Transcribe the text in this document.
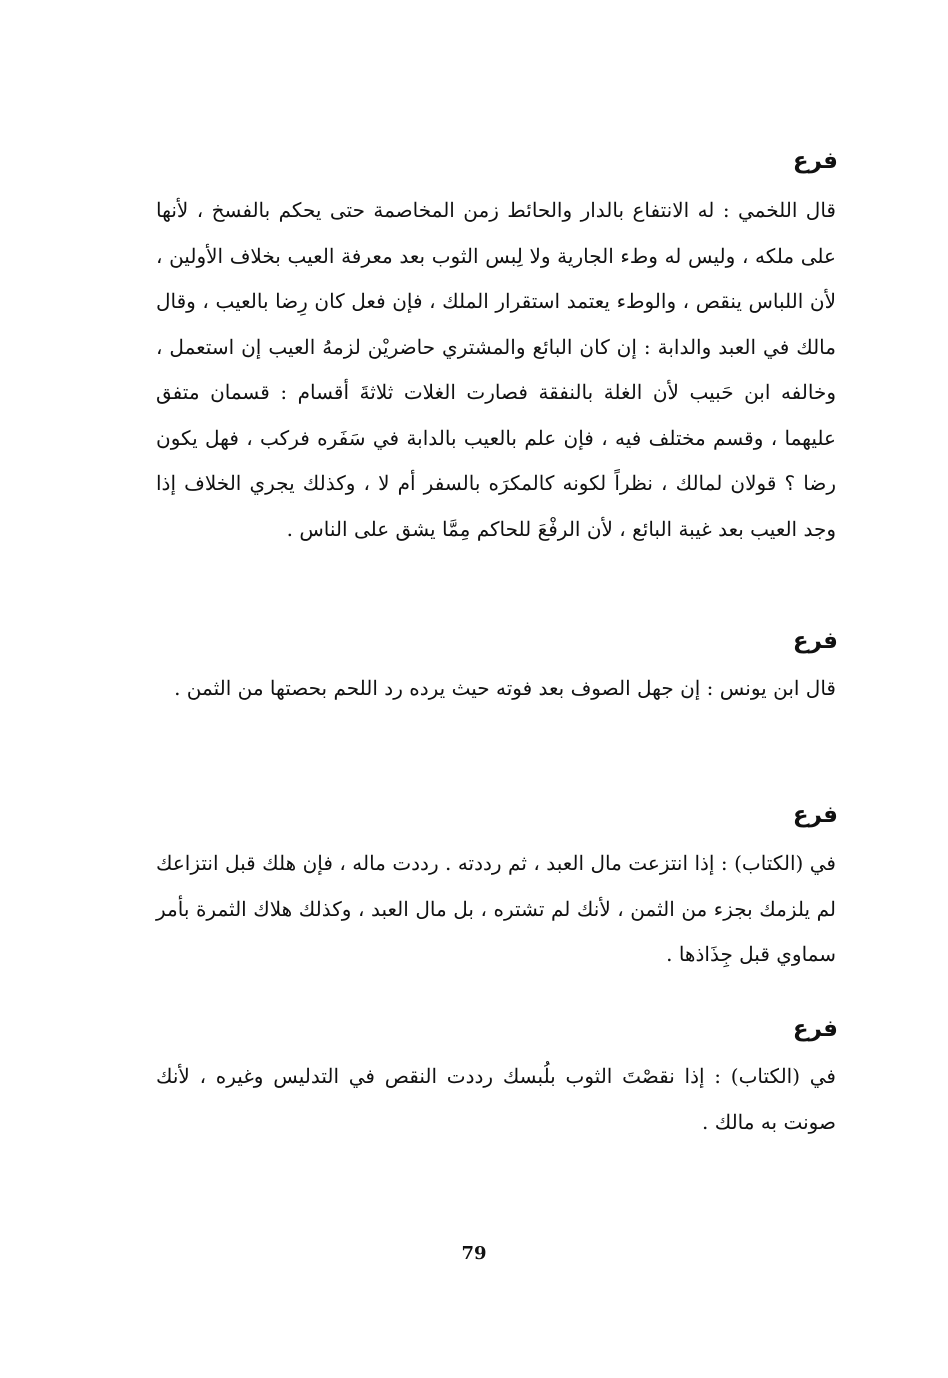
فرع

قال اللخمي : له الانتفاع بالدار والحائط زمن المخاصمة حتى يحكم بالفسخ ، لأنها على ملكه ، وليس له وطء الجارية ولا لِبس الثوب بعد معرفة العيب بخلاف الأولين ، لأن اللباس ينقص ، والوطء يعتمد استقرار الملك ، فإن فعل كان رِضا بالعيب ، وقال مالك في العبد والدابة : إن كان البائع والمشتري حاضريْن لزمهُ العيب إن استعمل ، وخالفه ابن حَبيب لأن الغلة بالنفقة فصارت الغلات ثلاثةَ أقسام : قسمان متفق عليهما ، وقسم مختلف فيه ، فإن علم بالعيب بالدابة في سَفَره فركب ، فهل يكون رضا ؟ قولان لمالك ، نظراً لكونه كالمكرَه بالسفر أم لا ، وكذلك يجري الخلاف إذا وجد العيب بعد غيبة البائع ، لأن الرفْعَ للحاكم مِمَّا يشق على الناس .

فرع

قال ابن يونس : إن جهل الصوف بعد فوته حيث يرده رد اللحم بحصتها من الثمن .

فرع

في (الكتاب) : إذا انتزعت مال العبد ، ثم رددته . رددت ماله ، فإن هلك قبل انتزاعك لم يلزمك بجزء من الثمن ، لأنك لم تشتره ، بل مال العبد ، وكذلك هلاك الثمرة بأمر سماوي قبل جِذَاذها .

فرع

في (الكتاب) : إذا نقصْتَ الثوب بلُبسك رددت النقص في التدليس وغيره ، لأنك صونت به مالك .

79
